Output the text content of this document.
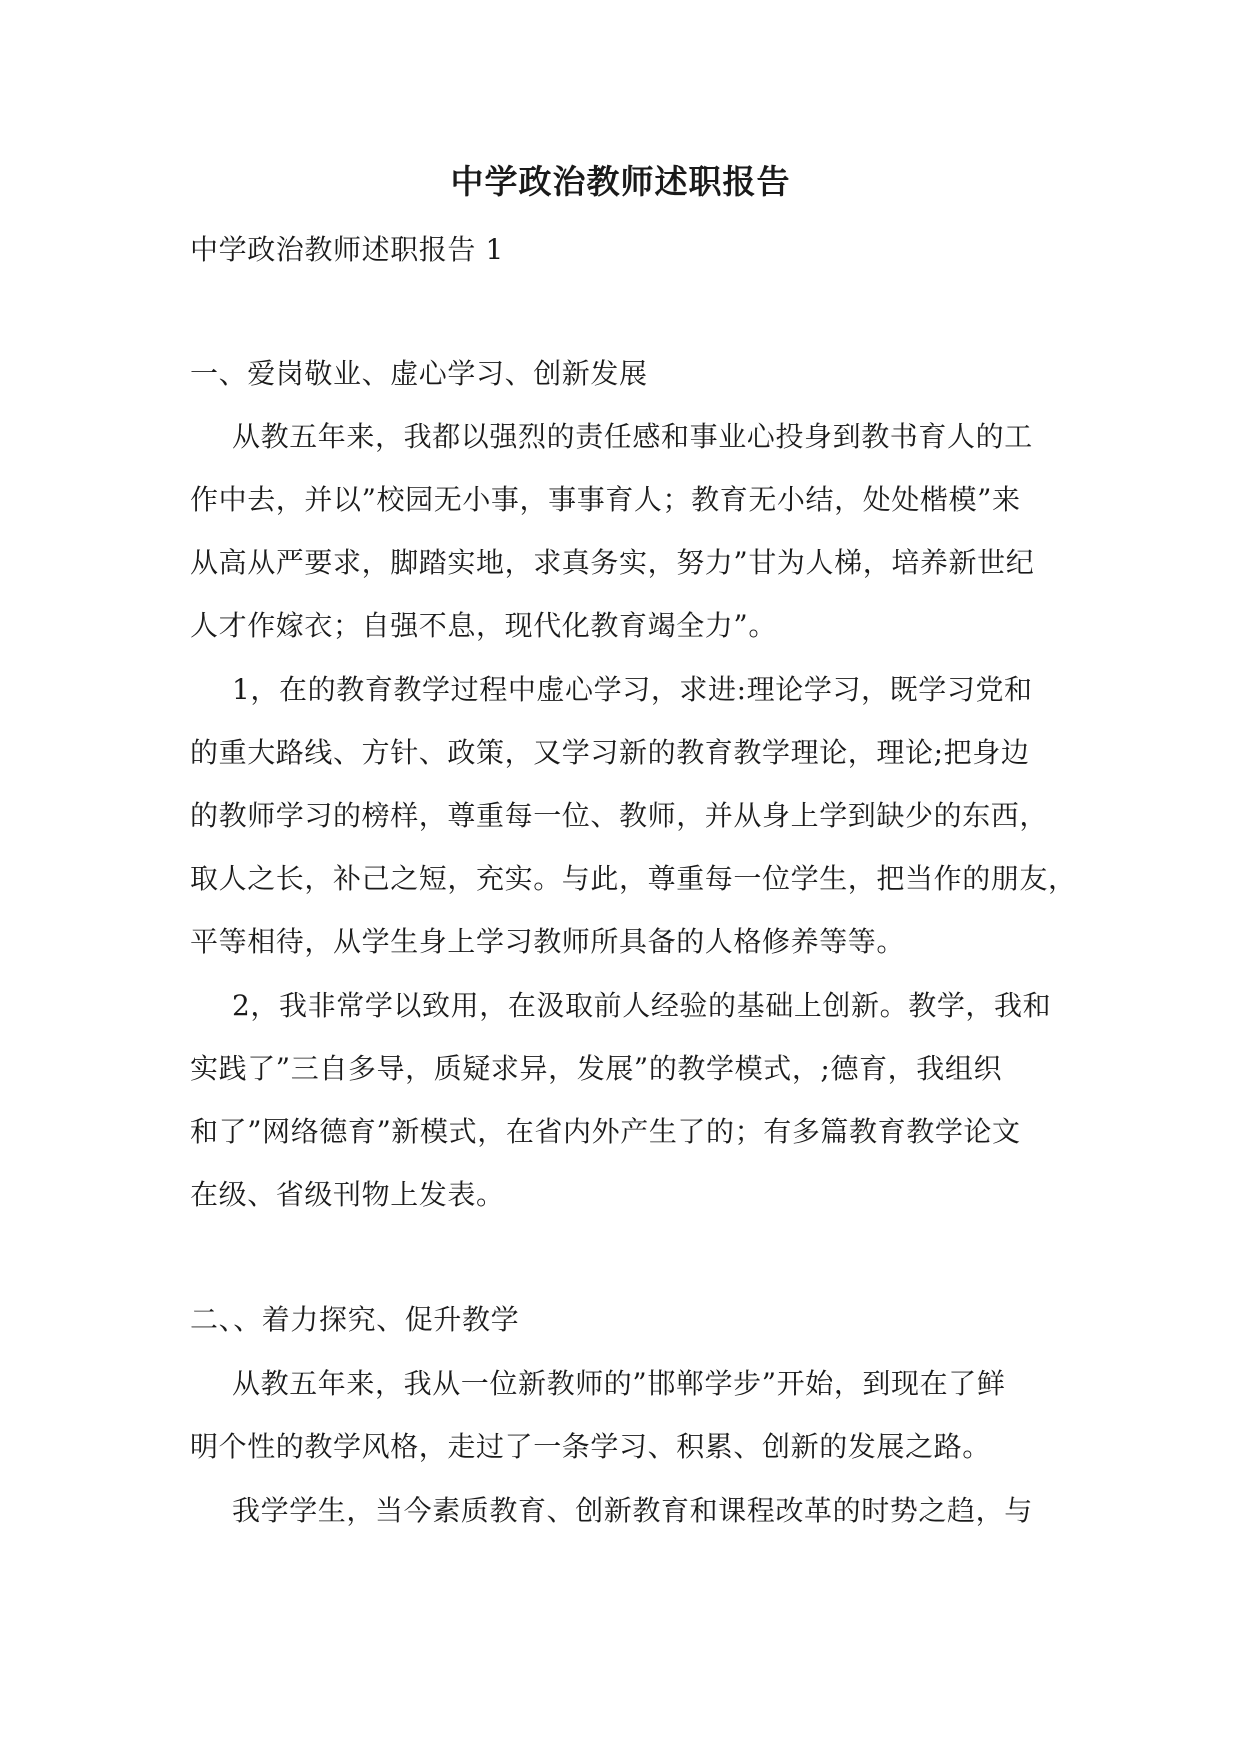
中学政治教师述职报告
中学政治教师述职报告 1
一、爱岗敬业、虚心学习、创新发展
从教五年来，我都以强烈的责任感和事业心投身到教书育人的工
作中去，并以”校园无小事，事事育人；教育无小结，处处楷模”来
从高从严要求，脚踏实地，求真务实，努力”甘为人梯，培养新世纪
人才作嫁衣；自强不息，现代化教育竭全力”。
1，在的教育教学过程中虚心学习，求进:理论学习，既学习党和
的重大路线、方针、政策，又学习新的教育教学理论，理论;把身边
的教师学习的榜样，尊重每一位、教师，并从身上学到缺少的东西，
取人之长，补己之短，充实。与此，尊重每一位学生，把当作的朋友，
平等相待，从学生身上学习教师所具备的人格修养等等。
2，我非常学以致用，在汲取前人经验的基础上创新。教学，我和
实践了”三自多导，质疑求异，发展”的教学模式，;德育，我组织
和了”网络德育”新模式，在省内外产生了的；有多篇教育教学论文
在级、省级刊物上发表。
二、、着力探究、促升教学
从教五年来，我从一位新教师的”邯郸学步”开始，到现在了鲜
明个性的教学风格，走过了一条学习、积累、创新的发展之路。
我学学生，当今素质教育、创新教育和课程改革的时势之趋，与
